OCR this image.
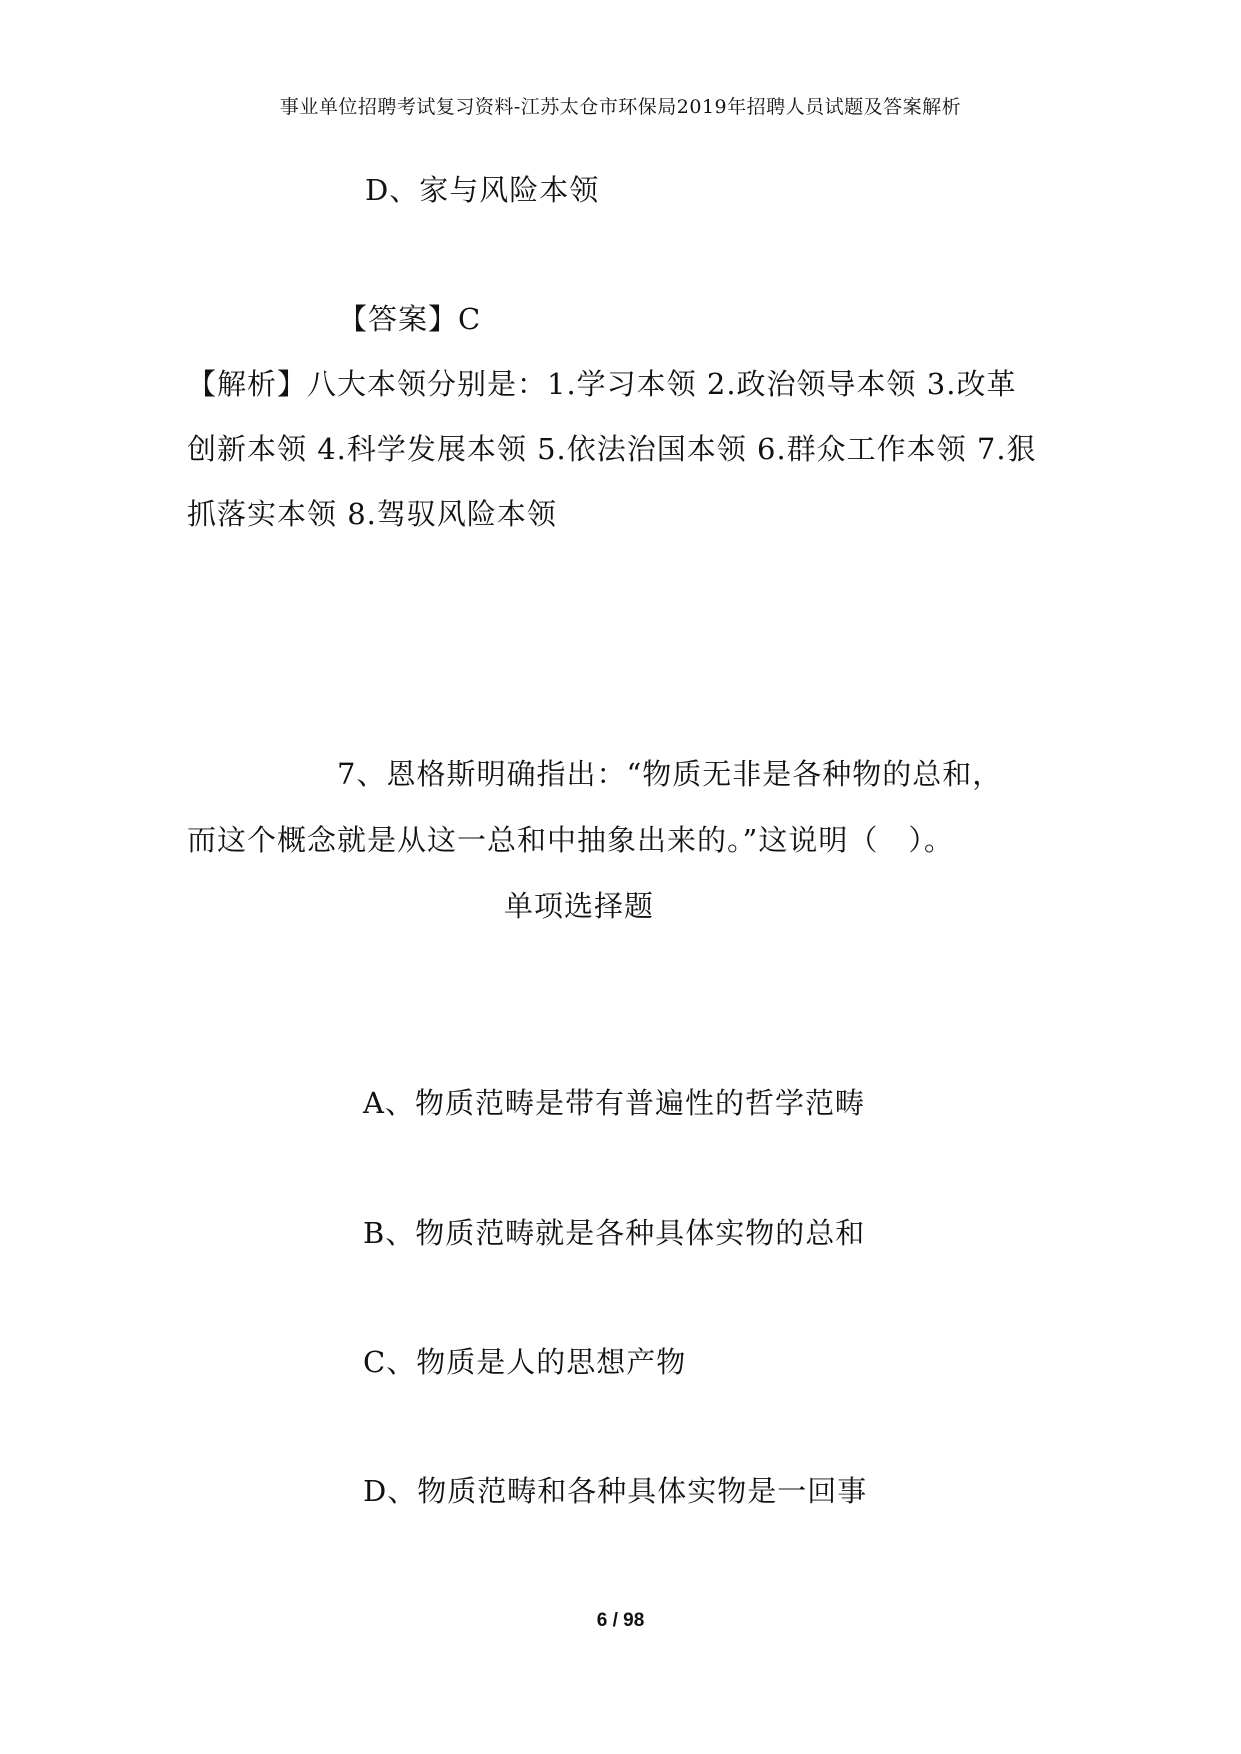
事业单位招聘考试复习资料-江苏太仓市环保局2019年招聘人员试题及答案解析
D、家与风险本领
【答案】C
【解析】八大本领分别是：1.学习本领 2.政治领导本领 3.改革
创新本领 4.科学发展本领 5.依法治国本领 6.群众工作本领 7.狠
抓落实本领 8.驾驭风险本领
7、恩格斯明确指出：“物质无非是各种物的总和，
而这个概念就是从这一总和中抽象出来的。”这说明（　）。
单项选择题
A、物质范畴是带有普遍性的哲学范畴
B、物质范畴就是各种具体实物的总和
C、物质是人的思想产物
D、物质范畴和各种具体实物是一回事
6 / 98
